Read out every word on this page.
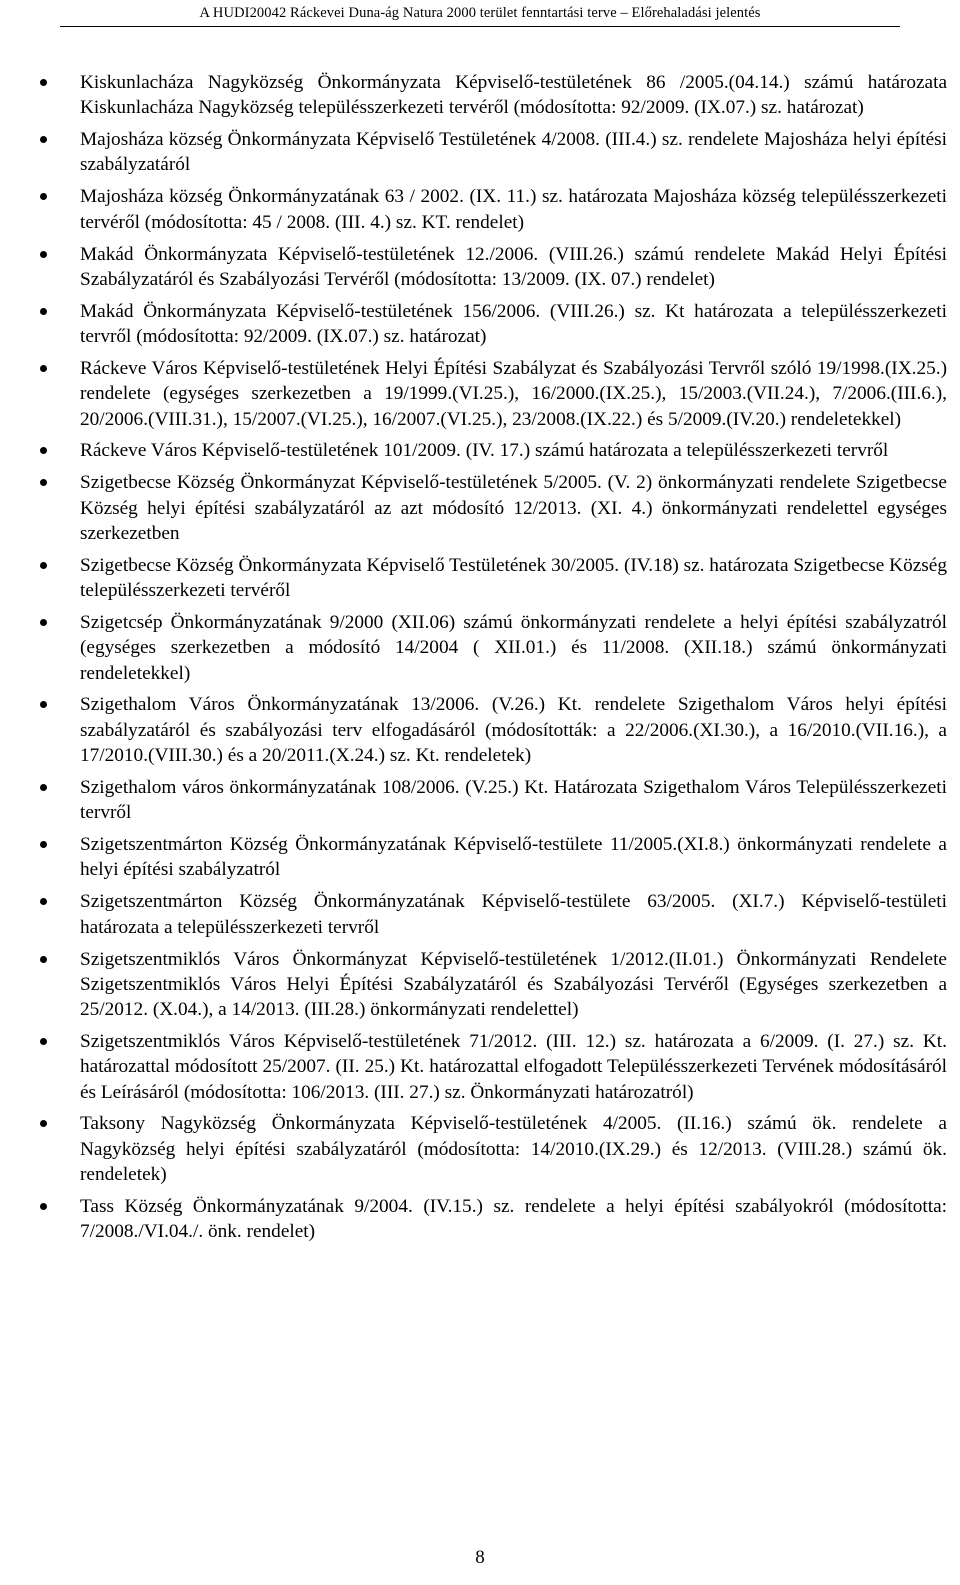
A HUDI20042 Ráckevei Duna-ág Natura 2000 terület fenntartási terve – Előrehaladási jelentés
Kiskunlacháza Nagyközség Önkormányzata Képviselő-testületének 86 /2005.(04.14.) számú határozata Kiskunlacháza Nagyközség településszerkezeti tervéről (módosította: 92/2009. (IX.07.) sz. határozat)
Majosháza község Önkormányzata Képviselő Testületének 4/2008. (III.4.) sz. rendelete Majosháza helyi építési szabályzatáról
Majosháza község Önkormányzatának 63 / 2002. (IX. 11.) sz. határozata Majosháza község településszerkezeti tervéről (módosította: 45 / 2008. (III. 4.) sz. KT. rendelet)
Makád Önkormányzata Képviselő-testületének 12./2006. (VIII.26.) számú rendelete Makád Helyi Építési Szabályzatáról és Szabályozási Tervéről (módosította: 13/2009. (IX. 07.) rendelet)
Makád Önkormányzata Képviselő-testületének 156/2006. (VIII.26.) sz. Kt határozata a településszerkezeti tervről (módosította: 92/2009. (IX.07.) sz. határozat)
Ráckeve Város Képviselő-testületének Helyi Építési Szabályzat és Szabályozási Tervről szóló 19/1998.(IX.25.) rendelete (egységes szerkezetben a 19/1999.(VI.25.), 16/2000.(IX.25.), 15/2003.(VII.24.), 7/2006.(III.6.), 20/2006.(VIII.31.), 15/2007.(VI.25.), 16/2007.(VI.25.), 23/2008.(IX.22.) és 5/2009.(IV.20.) rendeletekkel)
Ráckeve Város Képviselő-testületének 101/2009. (IV. 17.) számú határozata a településszerkezeti tervről
Szigetbecse Község Önkormányzat Képviselő-testületének 5/2005. (V. 2) önkormányzati rendelete Szigetbecse Község helyi építési szabályzatáról az azt módosító 12/2013. (XI. 4.) önkormányzati rendelettel egységes szerkezetben
Szigetbecse Község Önkormányzata Képviselő Testületének 30/2005. (IV.18) sz. határozata Szigetbecse Község településszerkezeti tervéről
Szigetcsép Önkormányzatának 9/2000 (XII.06) számú önkormányzati rendelete a helyi építési szabályzatról (egységes szerkezetben a módosító 14/2004 ( XII.01.) és 11/2008. (XII.18.) számú önkormányzati rendeletekkel)
Szigethalom Város Önkormányzatának 13/2006. (V.26.) Kt. rendelete Szigethalom Város helyi építési szabályzatáról és szabályozási terv elfogadásáról (módosították: a 22/2006.(XI.30.), a 16/2010.(VII.16.), a 17/2010.(VIII.30.) és a 20/2011.(X.24.) sz. Kt. rendeletek)
Szigethalom város önkormányzatának 108/2006. (V.25.) Kt. Határozata Szigethalom Város Településszerkezeti tervről
Szigetszentmárton Község Önkormányzatának Képviselő-testülete 11/2005.(XI.8.) önkormányzati rendelete a helyi építési szabályzatról
Szigetszentmárton Község Önkormányzatának Képviselő-testülete 63/2005. (XI.7.) Képviselő-testületi határozata a településszerkezeti tervről
Szigetszentmiklós Város Önkormányzat Képviselő-testületének 1/2012.(II.01.) Önkormányzati Rendelete Szigetszentmiklós Város Helyi Építési Szabályzatáról és Szabályozási Tervéről (Egységes szerkezetben a 25/2012. (X.04.), a 14/2013. (III.28.) önkormányzati rendelettel)
Szigetszentmiklós Város Képviselő-testületének 71/2012. (III. 12.) sz. határozata a 6/2009. (I. 27.) sz. Kt. határozattal módosított 25/2007. (II. 25.) Kt. határozattal elfogadott Településszerkezeti Tervének módosításáról és Leírásáról (módosította: 106/2013. (III. 27.) sz. Önkormányzati határozatról)
Taksony Nagyközség Önkormányzata Képviselő-testületének 4/2005. (II.16.) számú ök. rendelete a Nagyközség helyi építési szabályzatáról (módosította: 14/2010.(IX.29.) és 12/2013. (VIII.28.) számú ök. rendeletek)
Tass Község Önkormányzatának 9/2004. (IV.15.) sz. rendelete a helyi építési szabályokról (módosította: 7/2008./VI.04./. önk. rendelet)
8
